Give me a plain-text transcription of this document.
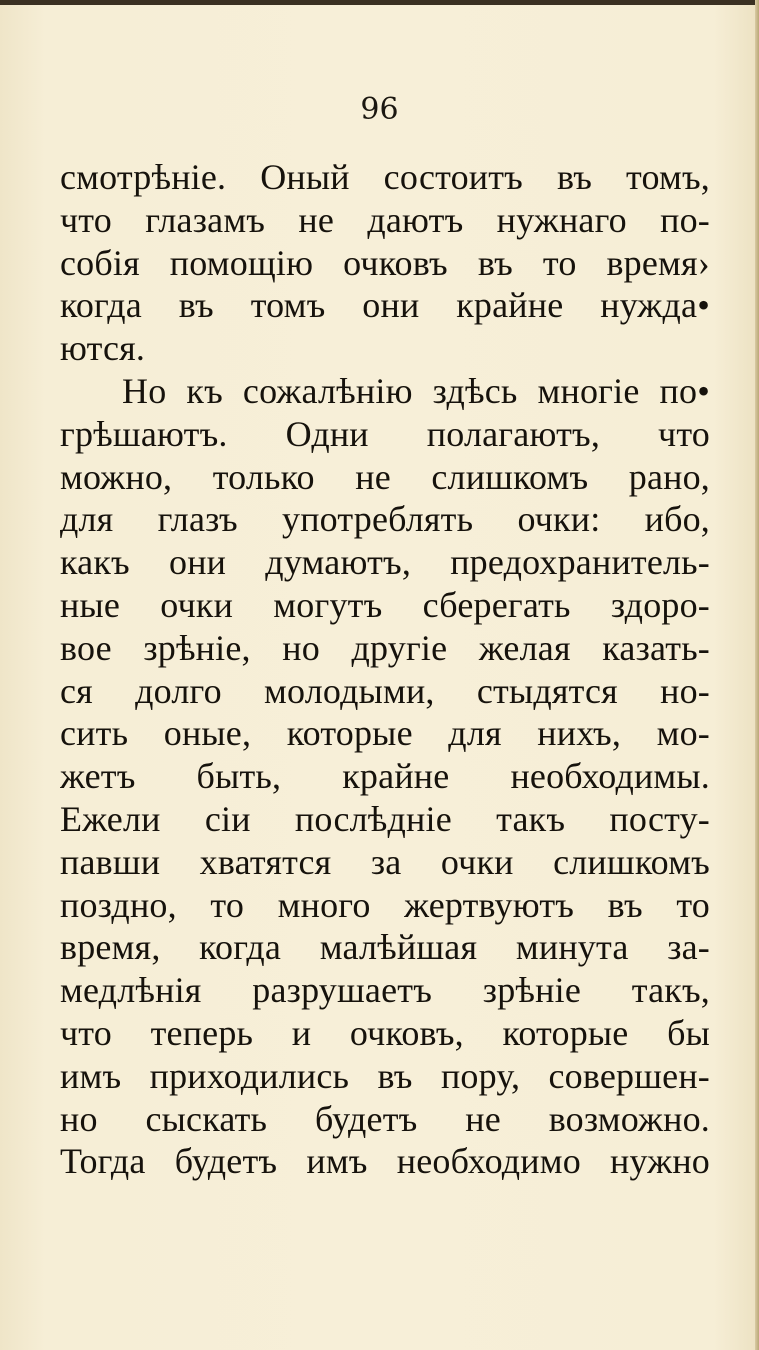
96
смотрѣніе. Оный состоитъ въ томъ,
что глазамъ не даютъ нужнаго по-
собія помощію очковъ въ то время›
когда въ томъ они крайне нужда•
ются.
Но къ сожалѣнію здѣсь многіе по•
грѣшаютъ. Одни полагаютъ, что
можно, только не слишкомъ рано,
для глазъ употреблять очки: ибо,
какъ они думаютъ, предохранитель-
ные очки могутъ сберегать здоро-
вое зрѣніе, но другіе желая казать-
ся долго молодыми, стыдятся но-
сить оные, которые для нихъ, мо-
жетъ быть, крайне необходимы.
Ежели сіи послѣдніе такъ посту-
павши хватятся за очки слишкомъ
поздно, то много жертвуютъ въ то
время, когда малѣйшая минута за-
медлѣнія разрушаетъ зрѣніе такъ,
что теперь и очковъ, которые бы
имъ приходились въ пору, совершен-
но сыскать будетъ не возможно.
Тогда будетъ имъ необходимо нужно
